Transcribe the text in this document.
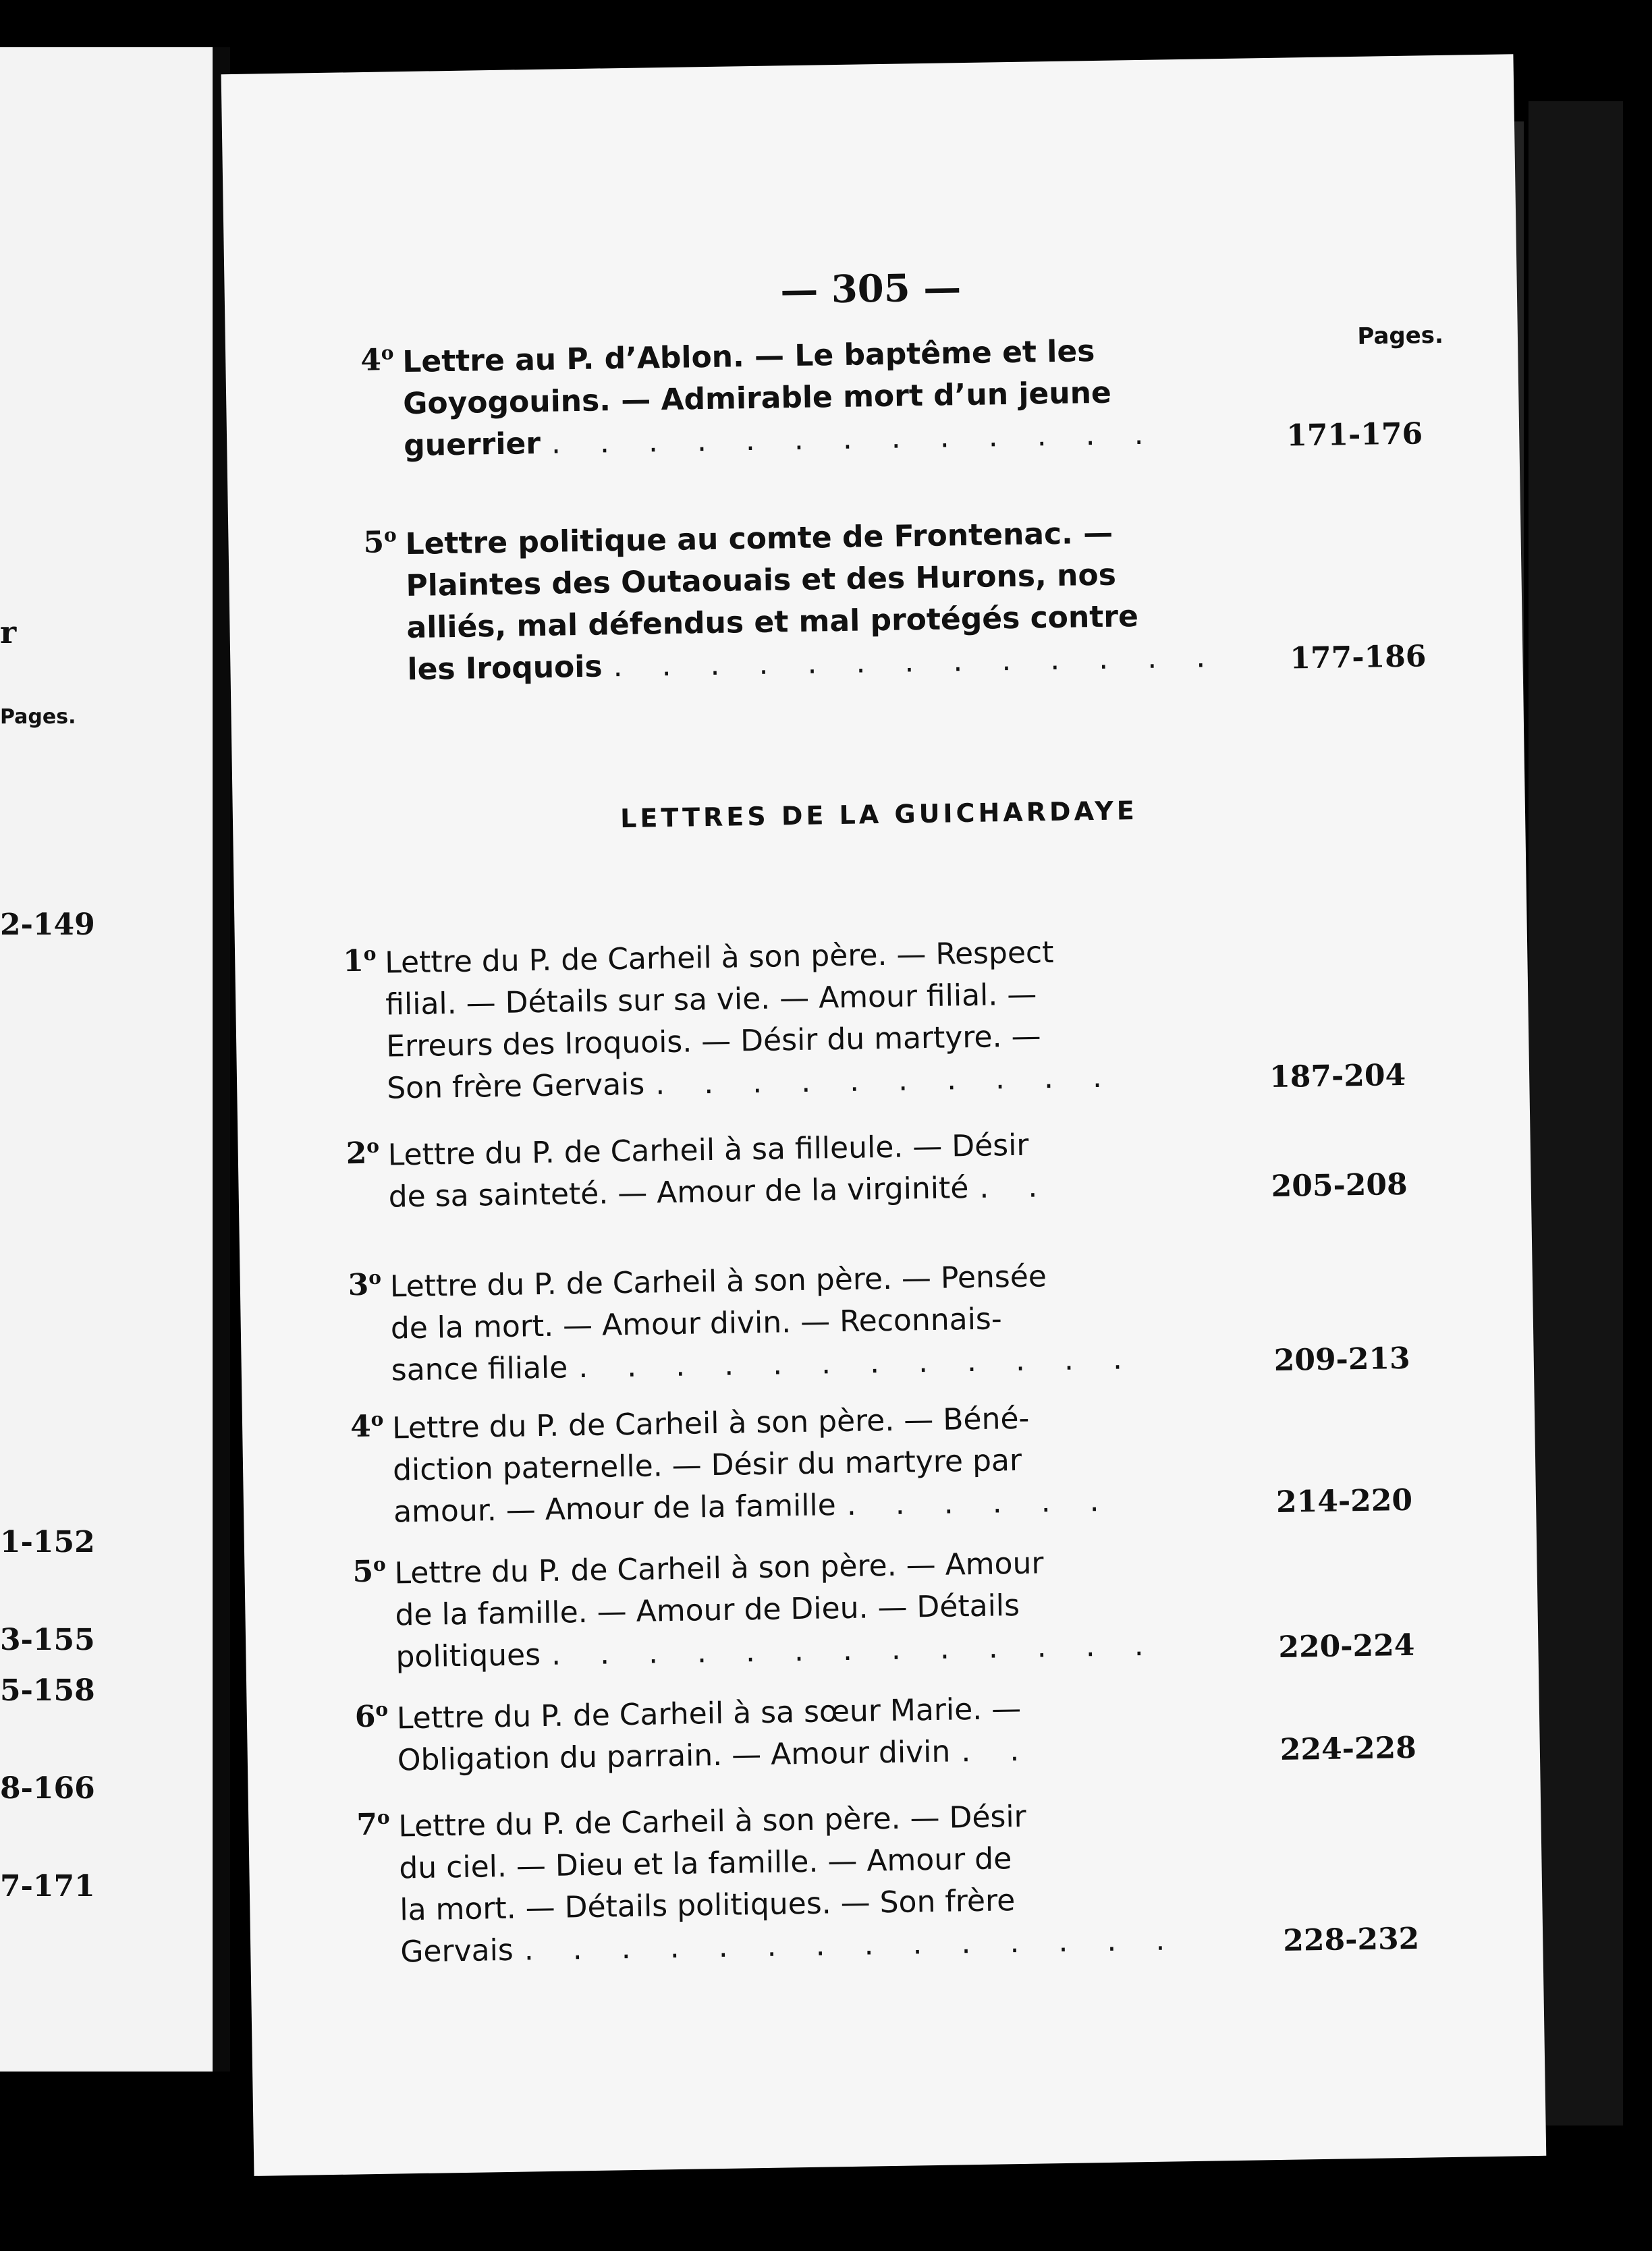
r
Pages.
2-149
1-152
3-155
5-158
8-166
7-171
— 305 —
Pages.
4$^o$ Lettre au P. d’Ablon. — Le baptême et les
Goyogouins. — Admirable mort d’un jeune
guerrier . . . . . . . . . . . . .	171-176
5$^o$ Lettre politique au comte de Frontenac. —
Plaintes des Outaouais et des Hurons, nos
alliés, mal défendus et mal protégés contre
les Iroquois . . . . . . . . . . . . .	177-186
LETTRES DE LA GUICHARDAYE
1$^o$ Lettre du P. de Carheil à son père. — Respect
filial. — Détails sur sa vie. — Amour filial. —
Erreurs des Iroquois. — Désir du martyre. —
Son frère Gervais . . . . . . . . . .	187-204
2$^o$ Lettre du P. de Carheil à sa filleule. — Désir
de sa sainteté. — Amour de la virginité . .	205-208
3$^o$ Lettre du P. de Carheil à son père. — Pensée
de la mort. — Amour divin. — Reconnais-
sance filiale . . . . . . . . . . . .	209-213
4$^o$ Lettre du P. de Carheil à son père. — Béné-
diction paternelle. — Désir du martyre par
amour. — Amour de la famille . . . . . .	214-220
5$^o$ Lettre du P. de Carheil à son père. — Amour
de la famille. — Amour de Dieu. — Détails
politiques . . . . . . . . . . . . .	220-224
6$^o$ Lettre du P. de Carheil à sa sœur Marie. —
Obligation du parrain. — Amour divin . .	224-228
7$^o$ Lettre du P. de Carheil à son père. — Désir
du ciel. — Dieu et la famille. — Amour de
la mort. — Détails politiques. — Son frère
Gervais . . . . . . . . . . . . . .	228-232
